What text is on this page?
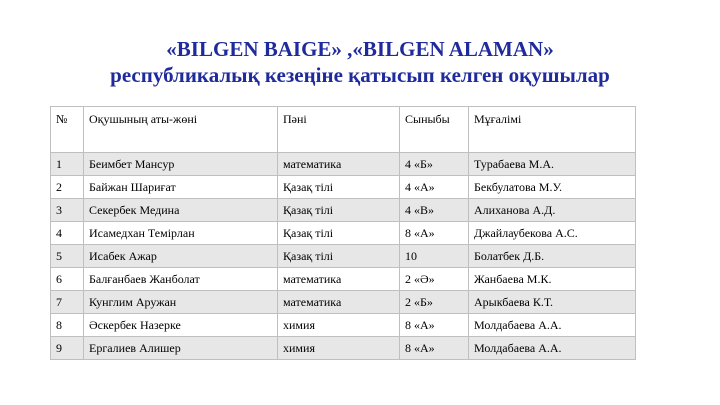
«BILGEN BAIGE» ,«BILGEN ALAMAN»
республикалық кезеңіне қатысып келген оқушылар
№	Оқушының аты-жөні	Пәні	Сыныбы	Мұғалімі
1	Беимбет Мансур	математика	4 «Б»	Турабаева М.А.
2	Байжан Шариғат	Қазақ тілі	4 «А»	Бекбулатова М.У.
3	Секербек Медина	Қазақ тілі	4 «В»	Алиханова А.Д.
4	Исамедхан Темірлан	Қазақ тілі	8 «А»	Джайлаубекова А.С.
5	Исабек Ажар	Қазақ тілі	10	Болатбек Д.Б.
6	Балғанбаев Жанболат	математика	2 «Ә»	Жанбаева М.К.
7	Кунглим Аружан	математика	2 «Б»	Арыкбаева К.Т.
8	Әскербек Назерке	химия	8 «А»	Молдабаева А.А.
9	Ергалиев Алишер	химия	8 «А»	Молдабаева А.А.
